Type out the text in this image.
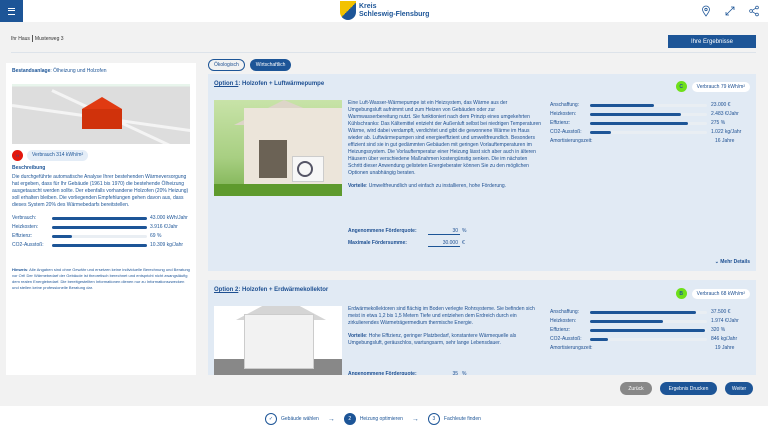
Kreis
Schleswig-Flensburg
Ihr Haus Musterweg 3	Ihre Ergebnisse
Bestandsanlage: Ölheizung und Holzofen
H	Verbrauch 314 kWh/m²
Beschreibung
Die durchgeführte automatische Analyse Ihrer bestehenden Wärmeversorgung hat ergeben, dass für Ihr Gebäude (1961 bis 1970) die bestehende Ölheizung ausgetauscht werden sollte. Der ebenfalls vorhandene Holzofen (20% Heizung) soll erhalten bleiben. Die vorliegenden Empfehlungen gehen davon aus, dass dieses System 20% des Wärmebedarfs bereitstellen.
Verbrauch:	43.000 kWh/Jahr
Heizkosten:	3.916 €/Jahr
Effizienz:	69 %
CO2-Ausstoß:	10.309 kg/Jahr
Hinweis: Alle Angaben sind ohne Gewähr und ersetzen keine individuelle Berechnung und Beratung vor Ort! Der Wärmebedarf der Gebäude ist theoretisch berechnet und entspricht nicht zwangsläufig dem realen Energiebedarf. Die bereitgestellten Informationen dienen nur zu Informationszwecken und stellen keine professionelle Beratung dar.
Ökologisch	Wirtschaftlich
Option 1: Holzofen + Luftwärmepumpe	C	Verbrauch 79 kWh/m²
Eine Luft-Wasser-Wärmepumpe ist ein Heizsystem, das Wärme aus der Umgebungsluft aufnimmt und zum Heizen von Gebäuden oder zur Warmwasserbereitung nutzt. Sie funktioniert nach dem Prinzip eines umgekehrten Kühlschranks: Das Kältemittel entzieht der Außenluft selbst bei niedrigen Temperaturen Wärme, wird dabei verdampft, verdichtet und gibt die gewonnene Wärme im Haus wieder ab. Luftwärmepumpen sind energieeffizient und umweltfreundlich. Besonders effizient sind sie in gut gedämmten Gebäuden mit geringen Vorlauftemperaturen im Heizungssystem. Die Vorlauftemperatur einer Heizung lässt sich aber auch in älteren Häusern über verschiedene Maßnahmen kostengünstig senken. Die im nächsten Schritt dieser Anwendung gelisteten Energieberater können Sie zu den möglichen Optionen unabhängig beraten.
Vorteile: Umweltfreundlich und einfach zu installieren, hohe Förderung.
Angenommene Förderquote:	30 %
Maximale Fördersumme:	30.000 €
Anschaffung:	23.000 €
Heizkosten:	2.483 €/Jahr
Effizienz:	275 %
CO2-Ausstoß:	1.022 kg/Jahr
Amortisierungszeit:	16 Jahre
⌄ Mehr Details
Option 2: Holzofen + Erdwärmekollektor
B	Verbrauch 68 kWh/m²
Erdwärmekollektoren sind flächig im Boden verlegte Rohrsysteme. Sie befinden sich meist in etwa 1,2 bis 1,5 Metern Tiefe und entziehen dem Erdreich durch ein zirkulierendes Wärmeträgermedium thermische Energie.
Vorteile: Hohe Effizienz, geringer Platzbedarf, konstantere Wärmequelle als Umgebungsluft, geräuschlos, wartungsarm, sehr lange Lebensdauer.
Angenommene Förderquote:	35 %
Anschaffung:	37.500 €
Heizkosten:	1.974 €/Jahr
Effizienz:	320 %
CO2-Ausstoß:	846 kg/Jahr
Amortisierungszeit:	19 Jahre
Zurück	Ergebnis Drucken	Weiter
✓	Gebäude wählen →	2	Heizung optimieren →	3	Fachleute finden
